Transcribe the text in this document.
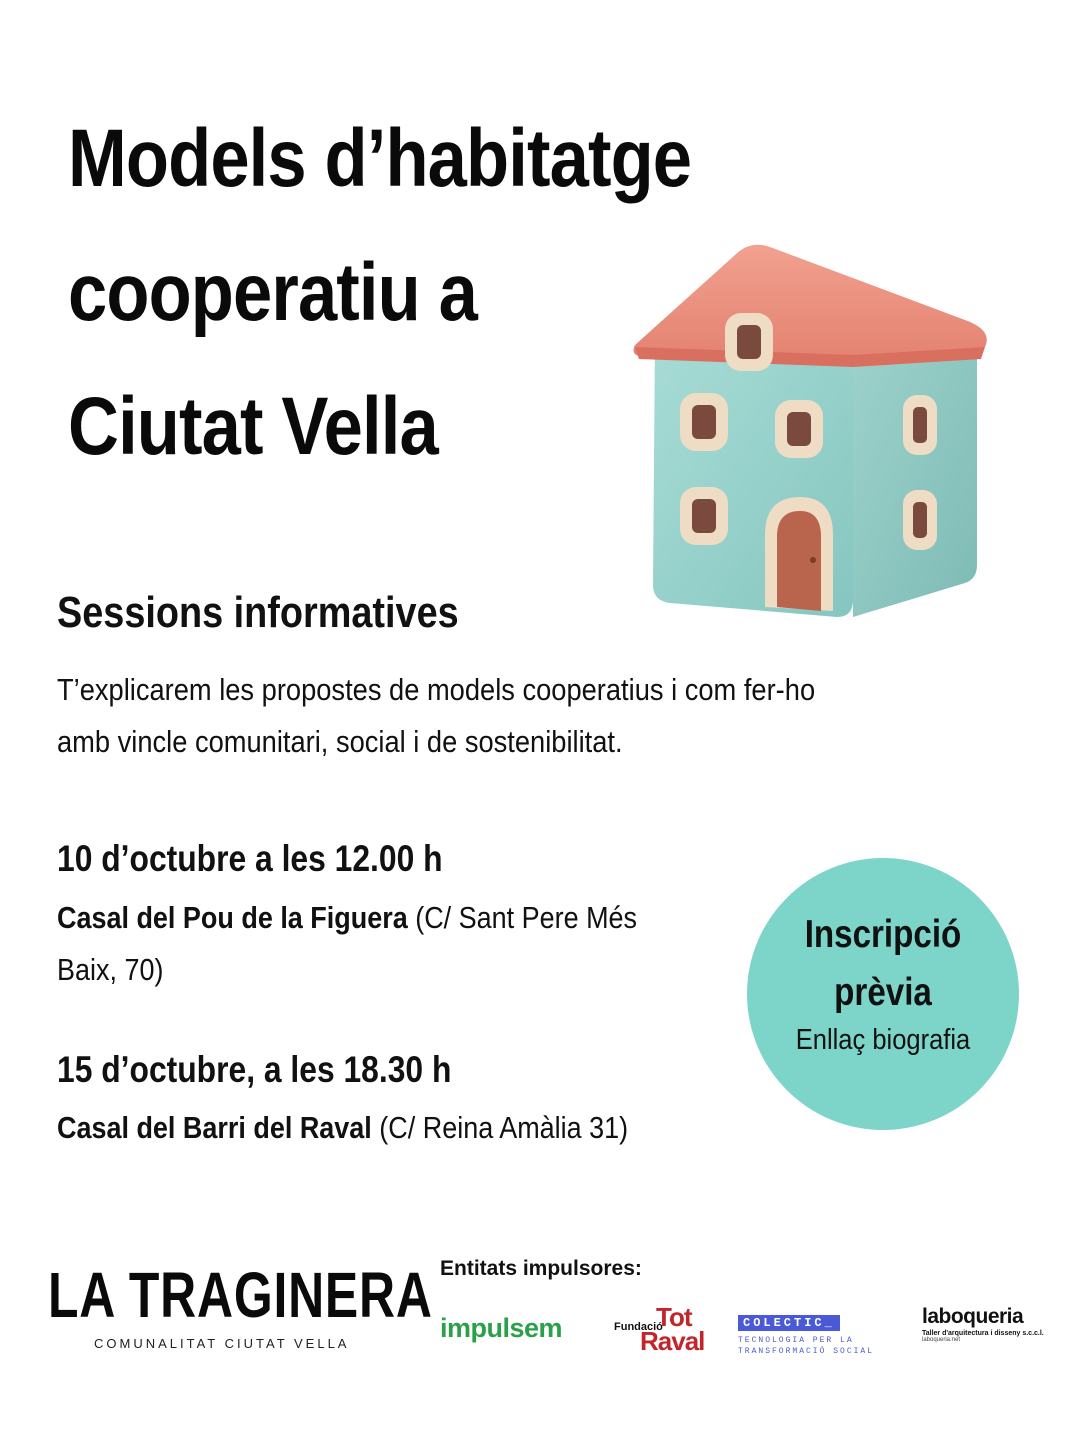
Models d’habitatge
cooperatiu a
Ciutat Vella
Sessions informatives

T’explicarem les propostes de models cooperatius i com fer-ho
amb vincle comunitari, social i de sostenibilitat.

10 d’octubre a les 12.00 h

Casal del Pou de la Figuera (C/ Sant Pere Més
Baix, 70)

15 d’octubre, a les 18.30 h

Casal del Barri del Raval (C/ Reina Amàlia 31)

Inscripció
prèvia
Enllaç biografia
LA TRAGINERA
COMUNALITAT CIUTAT VELLA
Entitats impulsores:
impulsem	Fundació
Tot
Raval
COLECTIC_
TECNOLOGIA PER LA TRANSFORMACIÓ SOCIAL
laboqueria
Taller d'arquitectura i disseny s.c.c.l.
laboqueria.net
